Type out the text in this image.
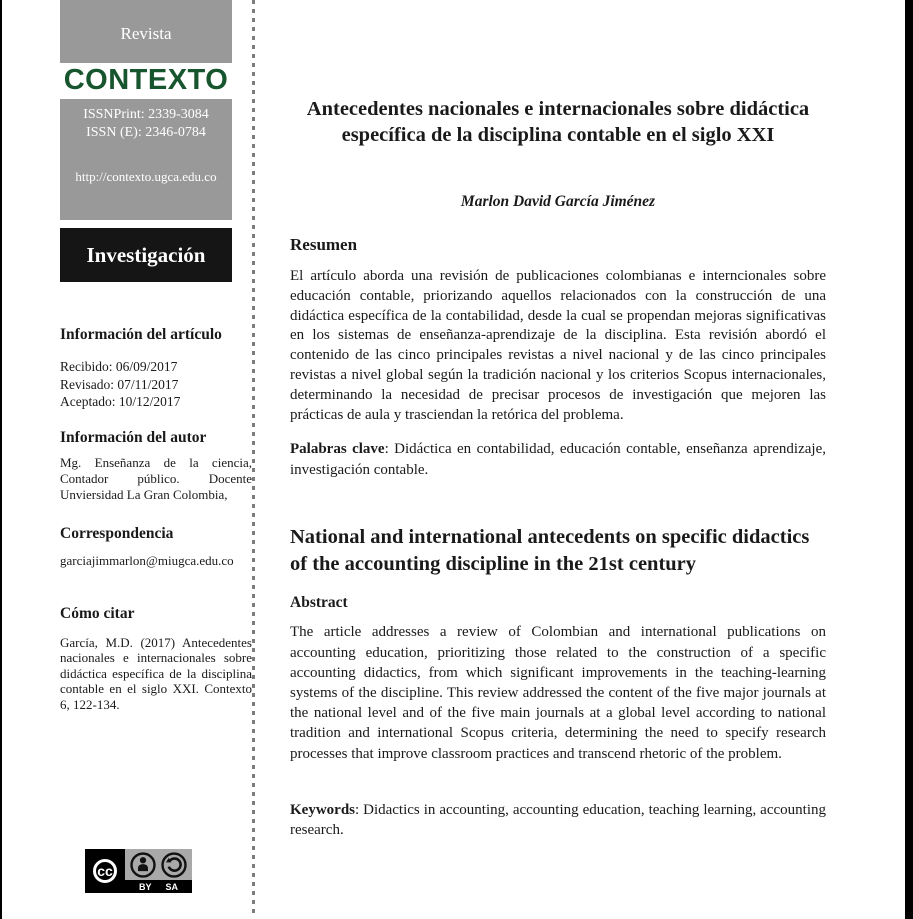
Revista
CONTEXTO
ISSNPrint: 2339-3084
ISSN (E): 2346-0784
http://contexto.ugca.edu.co
Investigación
Información del artículo
Recibido: 06/09/2017
Revisado: 07/11/2017
Aceptado: 10/12/2017
Información del autor
Mg. Enseñanza de la ciencia, Contador público. Docente Unviersidad La Gran Colombia,
Correspondencia
garciajimmarlon@miugca.edu.co
Cómo citar
García, M.D. (2017) Antecedentes nacionales e internacionales sobre didáctica específica de la disciplina contable en el siglo XXI. Contexto 6, 122-134.
cc
BY SA
Antecedentes nacionales e internacionales sobre didáctica específica de la disciplina contable en el siglo XXI
Marlon David García Jiménez
Resumen

El artículo aborda una revisión de publicaciones colombianas e interncionales sobre educación contable, priorizando aquellos relacionados con la construcción de una didáctica específica de la contabilidad, desde la cual se propendan mejoras significativas en los sistemas de enseñanza-aprendizaje de la disciplina. Esta revisión abordó el contenido de las cinco principales revistas a nivel nacional y de las cinco principales revistas a nivel global según la tradición nacional y los criterios Scopus internacionales, determinando la necesidad de precisar procesos de investigación que mejoren las prácticas de aula y trasciendan la retórica del problema.

Palabras clave: Didáctica en contabilidad, educación contable, enseñanza aprendizaje, investigación contable.

National and international antecedents on specific didactics of the accounting discipline in the 21st century
Abstract

The article addresses a review of Colombian and international publications on accounting education, prioritizing those related to the construction of a specific accounting didactics, from which significant improvements in the teaching-learning systems of the discipline. This review addressed the content of the five major journals at the national level and of the five main journals at a global level according to national tradition and international Scopus criteria, determining the need to specify research processes that improve classroom practices and transcend rhetoric of the problem.

Keywords: Didactics in accounting, accounting education, teaching learning, accounting research.
